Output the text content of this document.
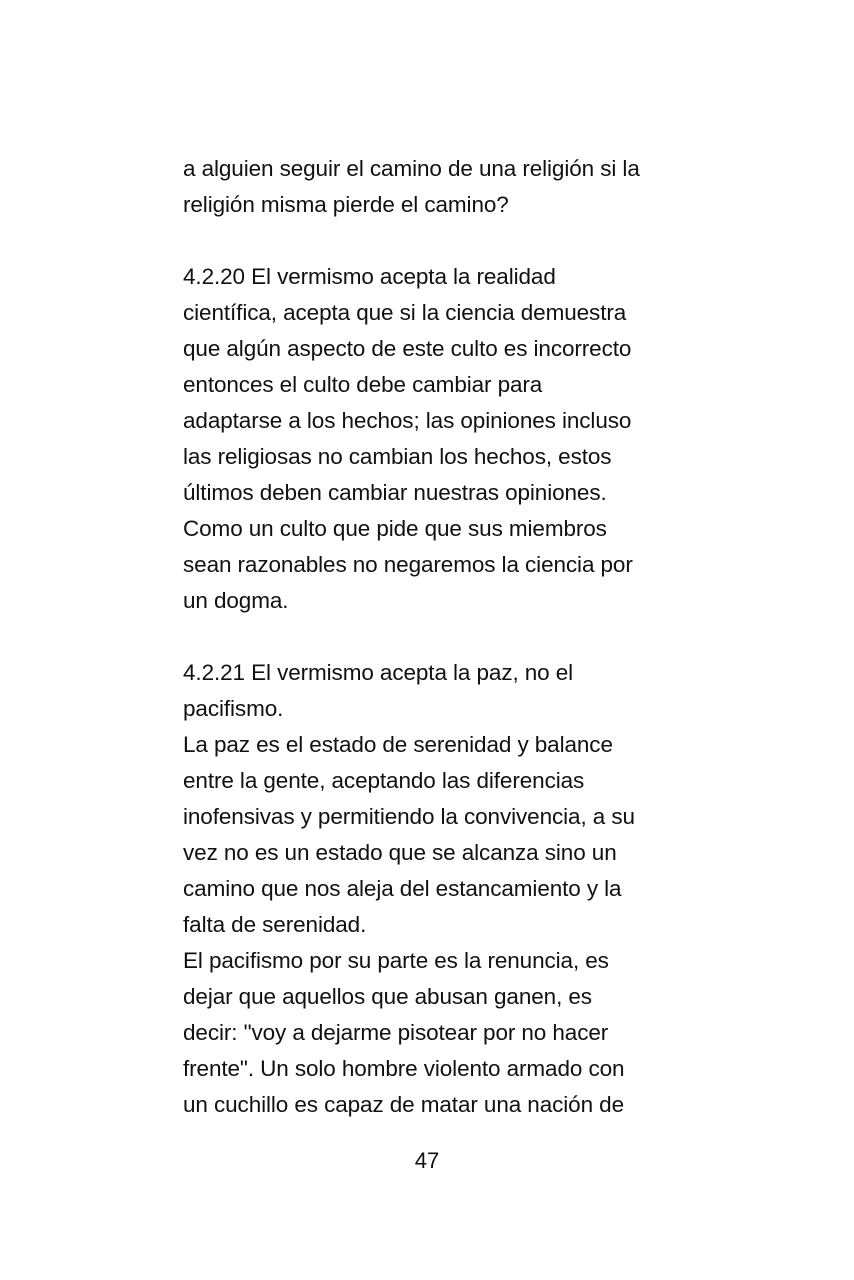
a alguien seguir el camino de una religión si la
religión misma pierde el camino?
4.2.20 El vermismo acepta la realidad
científica, acepta que si la ciencia demuestra
que algún aspecto de este culto es incorrecto
entonces el culto debe cambiar para
adaptarse a los hechos; las opiniones incluso
las religiosas no cambian los hechos, estos
últimos deben cambiar nuestras opiniones.
Como un culto que pide que sus miembros
sean razonables no negaremos la ciencia por
un dogma.
4.2.21 El vermismo acepta la paz, no el
pacifismo.
La paz es el estado de serenidad y balance
entre la gente, aceptando las diferencias
inofensivas y permitiendo la convivencia, a su
vez no es un estado que se alcanza sino un
camino que nos aleja del estancamiento y la
falta de serenidad.
El pacifismo por su parte es la renuncia, es
dejar que aquellos que abusan ganen, es
decir: "voy a dejarme pisotear por no hacer
frente". Un solo hombre violento armado con
un cuchillo es capaz de matar una nación de
47
